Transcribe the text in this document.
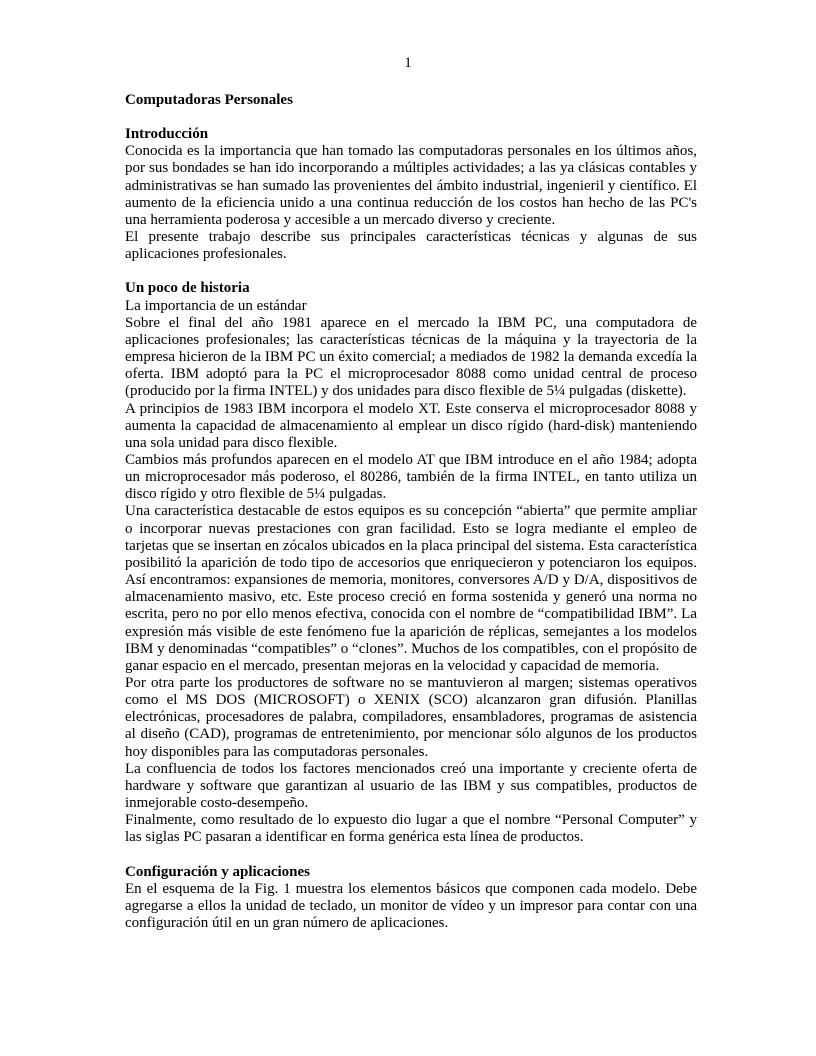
1

Computadoras Personales

Introducción

Conocida es la importancia que han tomado las computadoras personales en los últimos años, por sus bondades se han ido incorporando a múltiples actividades; a las ya clásicas contables y administrativas se han sumado las provenientes del ámbito industrial, ingenieril y científico. El aumento de la eficiencia unido a una continua reducción de los costos han hecho de las PC's una herramienta poderosa y accesible a un mercado diverso y creciente.

El presente trabajo describe sus principales características técnicas y algunas de sus aplicaciones profesionales.

Un poco de historia

La importancia de un estándar

Sobre el final del año 1981 aparece en el mercado la IBM PC, una computadora de aplicaciones profesionales; las características técnicas de la máquina y la trayectoria de la empresa hicieron de la IBM PC un éxito comercial; a mediados de 1982 la demanda excedía la oferta. IBM adoptó para la PC el microprocesador 8088 como unidad central de proceso (producido por la firma INTEL) y dos unidades para disco flexible de 5¼ pulgadas (diskette).

A principios de 1983 IBM incorpora el modelo XT. Este conserva el microprocesador 8088 y aumenta la capacidad de almacenamiento al emplear un disco rígido (hard-disk) manteniendo una sola unidad para disco flexible.

Cambios más profundos aparecen en el modelo AT que IBM introduce en el año 1984; adopta un microprocesador más poderoso, el 80286, también de la firma INTEL, en tanto utiliza un disco rígido y otro flexible de 5¼ pulgadas.

Una característica destacable de estos equipos es su concepción “abierta” que permite ampliar o incorporar nuevas prestaciones con gran facilidad. Esto se logra mediante el empleo de tarjetas que se insertan en zócalos ubicados en la placa principal del sistema. Esta característica posibilitó la aparición de todo tipo de accesorios que enriquecieron y potenciaron los equipos. Así encontramos: expansiones de memoria, monitores, conversores A/D y D/A, dispositivos de almacenamiento masivo, etc. Este proceso creció en forma sostenida y generó una norma no escrita, pero no por ello menos efectiva, conocida con el nombre de “compatibilidad IBM”. La expresión más visible de este fenómeno fue la aparición de réplicas, semejantes a los modelos IBM y denominadas “compatibles” o “clones”. Muchos de los compatibles, con el propósito de ganar espacio en el mercado, presentan mejoras en la velocidad y capacidad de memoria.

Por otra parte los productores de software no se mantuvieron al margen; sistemas operativos como el MS DOS (MICROSOFT) o XENIX (SCO) alcanzaron gran difusión. Planillas electrónicas, procesadores de palabra, compiladores, ensambladores, programas de asistencia al diseño (CAD), programas de entretenimiento, por mencionar sólo algunos de los productos hoy disponibles para las computadoras personales.

La confluencia de todos los factores mencionados creó una importante y creciente oferta de hardware y software que garantizan al usuario de las IBM y sus compatibles, productos de inmejorable costo-desempeño.

Finalmente, como resultado de lo expuesto dio lugar a que el nombre “Personal Computer” y las siglas PC pasaran a identificar en forma genérica esta línea de productos.

Configuración y aplicaciones

En el esquema de la Fig. 1 muestra los elementos básicos que componen cada modelo. Debe agregarse a ellos la unidad de teclado, un monitor de vídeo y un impresor para contar con una configuración útil en un gran número de aplicaciones.
